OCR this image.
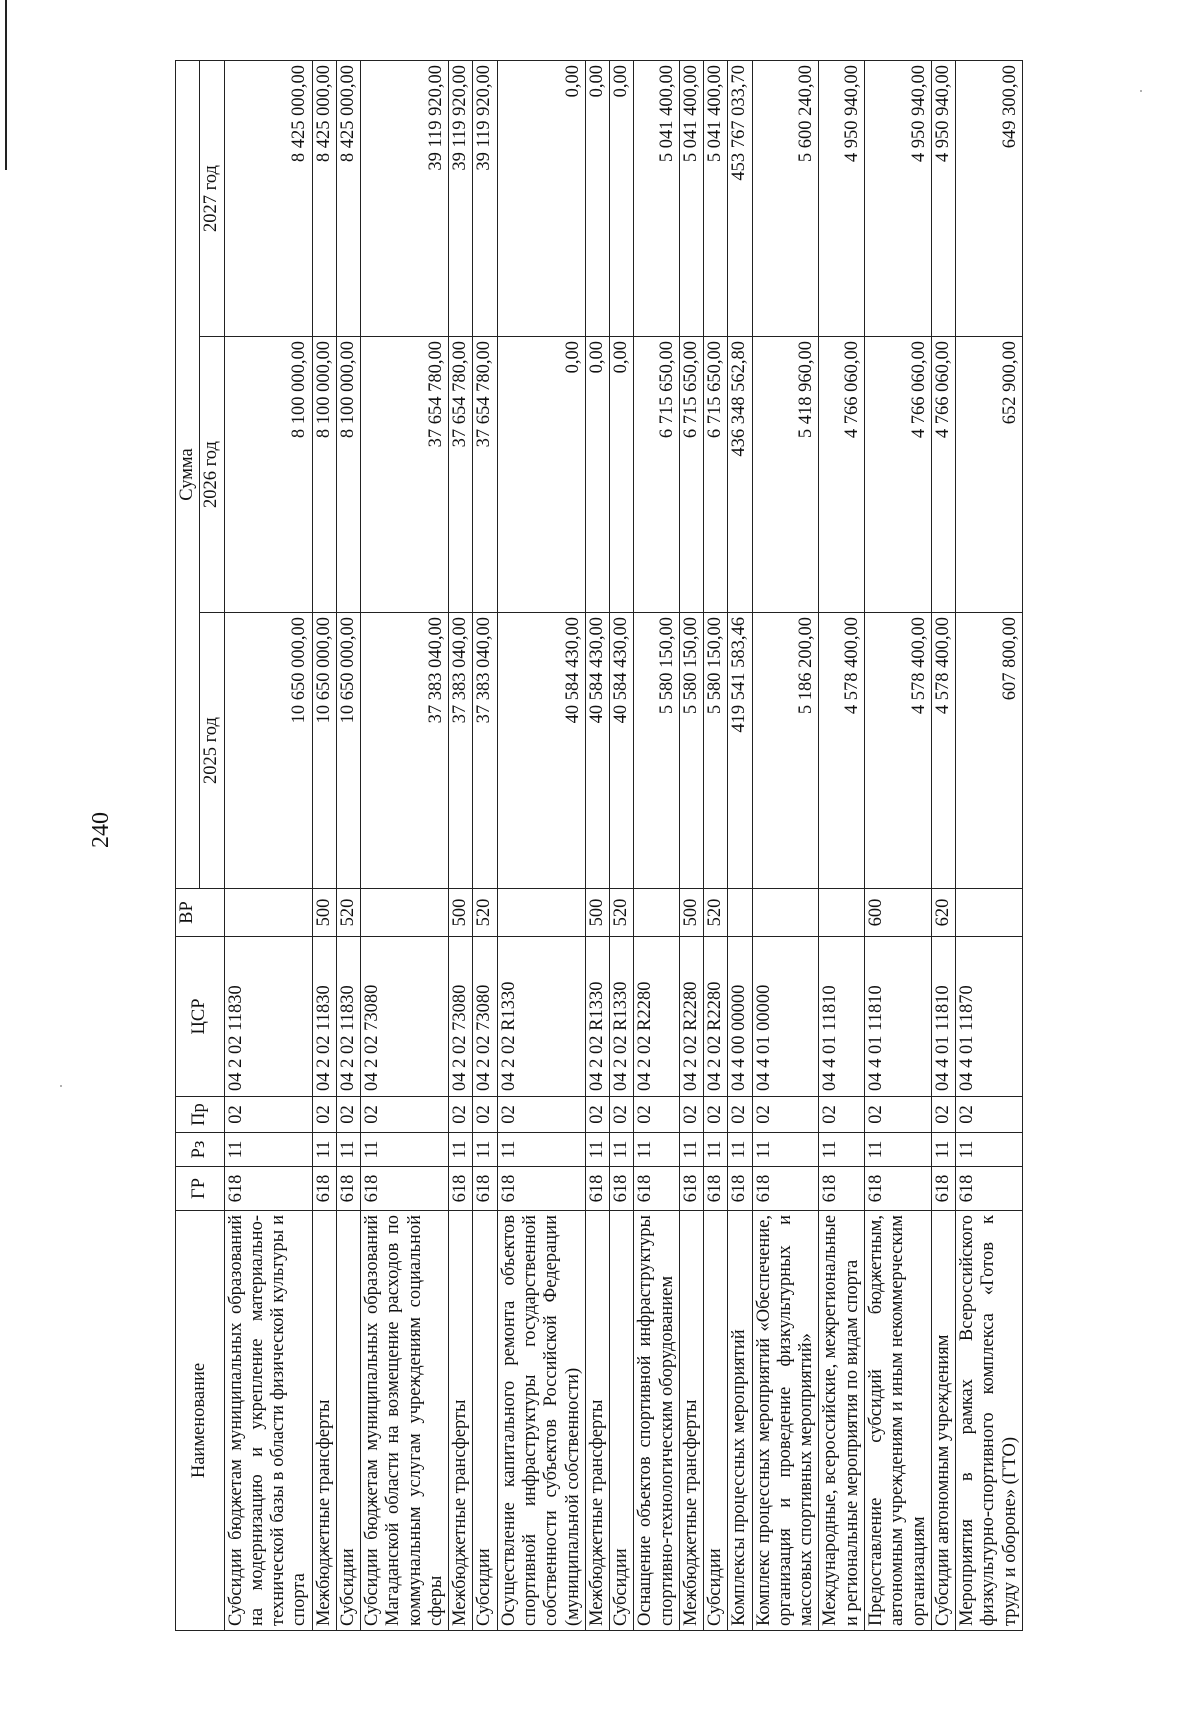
240
Наименование	ГР	Рз	Пр	ЦСР	ВР	Сумма		
						2025 год	2026 год	2027 год
Субсидии бюджетам муниципальных образований на модернизацию и укрепление материально-технической базы в области физической культуры и спорта	618	11	02	04 2 02 11830		10 650 000,00	8 100 000,00	8 425 000,00
Межбюджетные трансферты	618	11	02	04 2 02 11830	500	10 650 000,00	8 100 000,00	8 425 000,00
Субсидии	618	11	02	04 2 02 11830	520	10 650 000,00	8 100 000,00	8 425 000,00
Субсидии бюджетам муниципальных образований Магаданской области на возмещение расходов по коммунальным услугам учреждениям социальной сферы	618	11	02	04 2 02 73080		37 383 040,00	37 654 780,00	39 119 920,00
Межбюджетные трансферты	618	11	02	04 2 02 73080	500	37 383 040,00	37 654 780,00	39 119 920,00
Субсидии	618	11	02	04 2 02 73080	520	37 383 040,00	37 654 780,00	39 119 920,00
Осуществление капитального ремонта объектов спортивной инфраструктуры государственной собственности субъектов Российской Федерации (муниципальной собственности)	618	11	02	04 2 02 R1330		40 584 430,00	0,00	0,00
Межбюджетные трансферты	618	11	02	04 2 02 R1330	500	40 584 430,00	0,00	0,00
Субсидии	618	11	02	04 2 02 R1330	520	40 584 430,00	0,00	0,00
Оснащение объектов спортивной инфраструктуры спортивно-технологическим оборудованием	618	11	02	04 2 02 R2280		5 580 150,00	6 715 650,00	5 041 400,00
Межбюджетные трансферты	618	11	02	04 2 02 R2280	500	5 580 150,00	6 715 650,00	5 041 400,00
Субсидии	618	11	02	04 2 02 R2280	520	5 580 150,00	6 715 650,00	5 041 400,00
Комплексы процессных мероприятий	618	11	02	04 4 00 00000		419 541 583,46	436 348 562,80	453 767 033,70
Комплекс процессных мероприятий «Обеспечение, организация и проведение физкультурных и массовых спортивных мероприятий»	618	11	02	04 4 01 00000		5 186 200,00	5 418 960,00	5 600 240,00
Международные, всероссийские, межрегиональные и региональные мероприятия по видам спорта	618	11	02	04 4 01 11810		4 578 400,00	4 766 060,00	4 950 940,00
Предоставление субсидий бюджетным, автономным учреждениям и иным некоммерческим организациям	618	11	02	04 4 01 11810	600	4 578 400,00	4 766 060,00	4 950 940,00
Субсидии автономным учреждениям	618	11	02	04 4 01 11810	620	4 578 400,00	4 766 060,00	4 950 940,00
Мероприятия в рамках Всероссийского физкультурно-спортивного комплекса «Готов к труду и обороне» (ГТО)	618	11	02	04 4 01 11870		607 800,00	652 900,00	649 300,00
